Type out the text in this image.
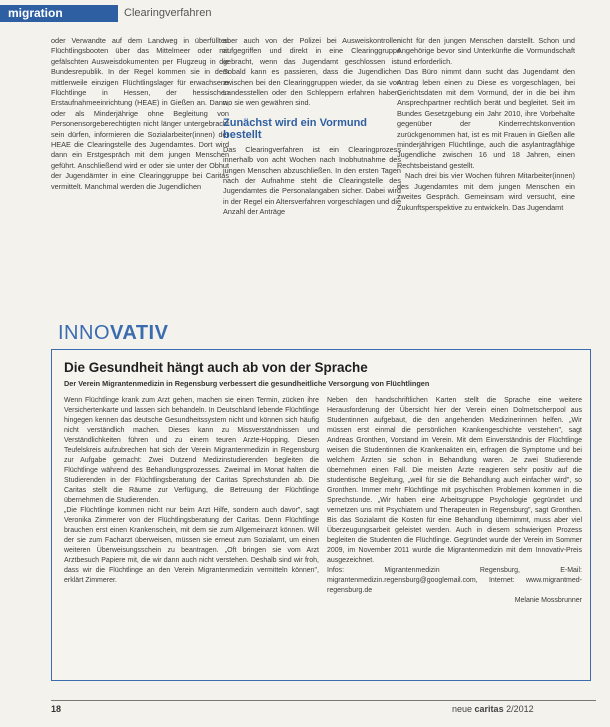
migration	Clearingverfahren

oder Verwandte auf dem Landweg in überfüllten Flüchtlingsbooten über das Mittelmeer oder mit gefälschten Ausweisdokumenten per Flugzeug in die Bundesrepublik. In der Regel kommen sie in dem mittlerweile einzigen Flüchtlingslager für erwachsene Flüchtlinge in Hessen, der hessischen Erstaufnahmeeinrichtung (HEAE) in Gießen an. Dann, oder als Minderjährige ohne Begleitung von Personensorgeberechtigten nicht länger untergebracht sein dürfen, informieren die Sozialarbeiter(innen) der HEAE die Clearingstelle des Jugendamtes. Dort wird dann ein Erstgespräch mit dem jungen Menschen geführt. Anschließend wird er oder sie unter der Obhut der Jugendämter in eine Clearinggruppe bei Caritas vermittelt. Manchmal werden die Jugendlichen

aber auch von der Polizei bei Ausweiskontrollen aufgegriffen und direkt in eine Clearinggruppe gebracht, wenn das Jugendamt geschlossen ist. Sobald kann es passieren, dass die Jugendlichen zwischen bei den Clearinggruppen wieder, da sie von Landesstellen oder den Schleppern erfahren haben, wo sie wen gewähren sind.

Zunächst wird ein Vormund bestellt

Das Clearingverfahren ist ein Clearingprozess innerhalb von acht Wochen nach Inobhutnahme des jungen Menschen abzuschließen. In den ersten Tagen nach der Aufnahme steht die Clearingstelle des Jugendamtes die Personalangaben sicher. Dabei wird in der Regel ein Altersverfahren vorgeschlagen und die Anzahl der Anträge

nicht für den jungen Menschen darstellt. Schon und Angehörige bevor sind Unterkünfte die Vormundschaft rund erforderlich.

Das Büro nimmt dann sucht das Jugendamt den Antrag leben einen zu Diese es vorgeschlagen, bei Gerichtsdaten mit dem Vormund, der in die bei ihm Ansprechpartner rechtlich berät und begleitet. Seit im Bundes Gesetzgebung ein Jahr 2010, ihre Vorbehalte gegenüber der Kinderrechtskonvention zurückgenommen hat, ist es mit Frauen in Gießen alle minderjährigen Flüchtlinge, auch die asylantragfähige Jugendliche zwischen 16 und 18 Jahren, einen Rechtsbeistand gestellt.

Nach drei bis vier Wochen führen Mitarbeiter(innen) des Jugendamtes mit dem jungen Menschen ein zweites Gespräch. Gemeinsam wird versucht, eine Zukunftsperspektive zu entwickeln. Das Jugendamt

INNOVATIV
Die Gesundheit hängt auch ab von der Sprache
Der Verein Migrantenmedizin in Regensburg verbessert die gesundheitliche Versorgung von Flüchtlingen

Wenn Flüchtlinge krank zum Arzt gehen, machen sie einen Termin, zücken ihre Versichertenkarte und lassen sich behandeln. In Deutschland lebende Flüchtlinge hingegen kennen das deutsche Gesundheitssystem nicht und können sich häufig nicht verständlich machen. Dieses kann zu Missverständnissen und Verständlichkeiten führen und zu einem teuren Arzte-Hopping. Diesen Teufelskreis aufzubrechen hat sich der Verein Migrantenmedizin in Regensburg zur Aufgabe gemacht: Zwei Dutzend Medizinstudierenden begleiten die Flüchtlinge während des Behandlungsprozesses. Zweimal im Monat halten die Studierenden in der Flüchtlingsberatung der Caritas Sprechstunden ab. Die Caritas stellt die Räume zur Verfügung, die Betreuung der Flüchtlinge übernehmen die Studierenden.

„Die Flüchtlinge kommen nicht nur beim Arzt Hilfe, sondern auch davor", sagt Veronika Zimmerer von der Flüchtlingsberatung der Caritas. Denn Flüchtlinge brauchen erst einen Krankenschein, mit dem sie zum Allgemeinarzt können. Will der sie zum Facharzt überweisen, müssen sie erneut zum Sozialamt, um einen weiteren Überweisungsschein zu beantragen. „Oft bringen sie vom Arzt Arztbesuch Papiere mit, die wir dann auch nicht verstehen. Deshalb sind wir froh, dass wir die Flüchtlinge an den Verein Migrantenmedizin vermitteln können", erklärt Zimmerer.

Neben den handschriftlichen Karten stellt die Sprache eine weitere Herausforderung der Übersicht hier der Verein einen Dolmetscherpool aus Studentinnen aufgebaut, die den angehenden Medizinerinnen helfen. „Wir müssen erst einmal die persönlichen Krankengeschichte verstehen", sagt Andreas Gronthen, Vorstand im Verein. Mit dem Einverständnis der Flüchtlinge weisen die Studentinnen die Krankenakten ein, erfragen die Symptome und bei welchem Ärzten sie schon in Behandlung waren. Je zwei Studierende übernehmen einen Fall. Die meisten Ärzte reagieren sehr positiv auf die studentische Begleitung, „weil für sie die Behandlung auch einfacher wird", so Gronthen. Immer mehr Flüchtlinge mit psychischen Problemen kommen in die Sprechstunde. „Wir haben eine Arbeitsgruppe Psychologie gegründet und vernetzen uns mit Psychiatern und Therapeuten in Regensburg", sagt Gronthen. Bis das Sozialamt die Kosten für eine Behandlung übernimmt, muss aber viel Überzeugungsarbeit geleistet werden. Auch in diesem schwierigen Prozess begleiten die Studenten die Flüchtlinge. Gegründet wurde der Verein im Sommer 2009, im November 2011 wurde die Migrantenmedizin mit dem Innovativ-Preis ausgezeichnet.

Infos: Migrantenmedizin Regensburg, E-Mail: migrantenmedizin.regensburg@googlemail.com, Internet: www.migrantmed-regensburg.de

Melanie Mossbrunner

18	neue caritas 2/2012
